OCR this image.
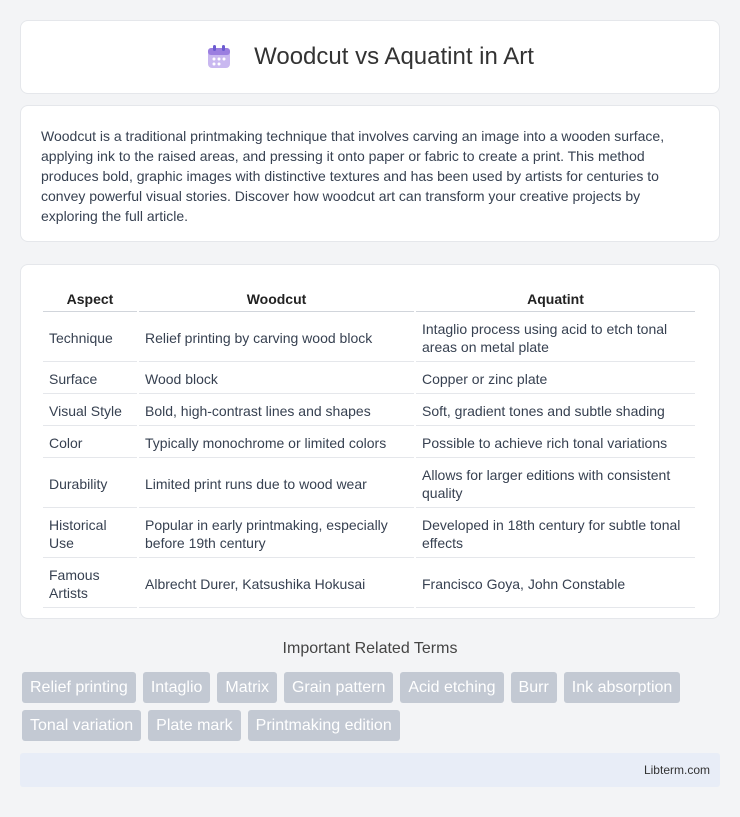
Woodcut vs Aquatint in Art

Woodcut is a traditional printmaking technique that involves carving an image into a wooden surface, applying ink to the raised areas, and pressing it onto paper or fabric to create a print. This method produces bold, graphic images with distinctive textures and has been used by artists for centuries to convey powerful visual stories. Discover how woodcut art can transform your creative projects by exploring the full article.

Aspect	Woodcut	Aquatint
Technique	Relief printing by carving wood block	Intaglio process using acid to etch tonal areas on metal plate
Surface	Wood block	Copper or zinc plate
Visual Style	Bold, high-contrast lines and shapes	Soft, gradient tones and subtle shading
Color	Typically monochrome or limited colors	Possible to achieve rich tonal variations
Durability	Limited print runs due to wood wear	Allows for larger editions with consistent quality
Historical Use	Popular in early printmaking, especially before 19th century	Developed in 18th century for subtle tonal effects
Famous Artists	Albrecht Durer, Katsushika Hokusai	Francisco Goya, John Constable
Important Related Terms
Relief printing	Intaglio	Matrix	Grain pattern	Acid etching	Burr	Ink absorption
Tonal variation	Plate mark	Printmaking edition
Libterm.com
